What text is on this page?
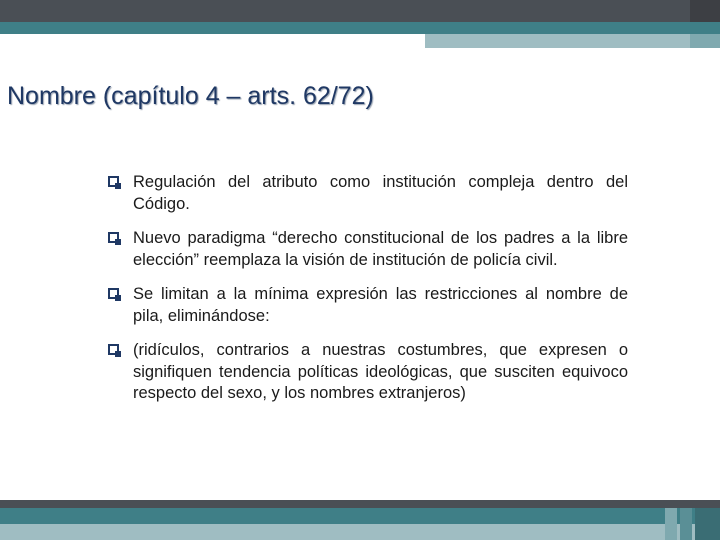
Nombre (capítulo 4 – arts. 62/72)
Regulación del atributo como institución compleja dentro del Código.
Nuevo paradigma “derecho constitucional de los padres a la libre elección” reemplaza la visión de institución de policía civil.
Se limitan a la mínima expresión las restricciones al nombre de pila, eliminándose:
(ridículos, contrarios a nuestras costumbres, que expresen o signifiquen tendencia políticas ideológicas, que susciten equivoco respecto del sexo, y los nombres extranjeros)
